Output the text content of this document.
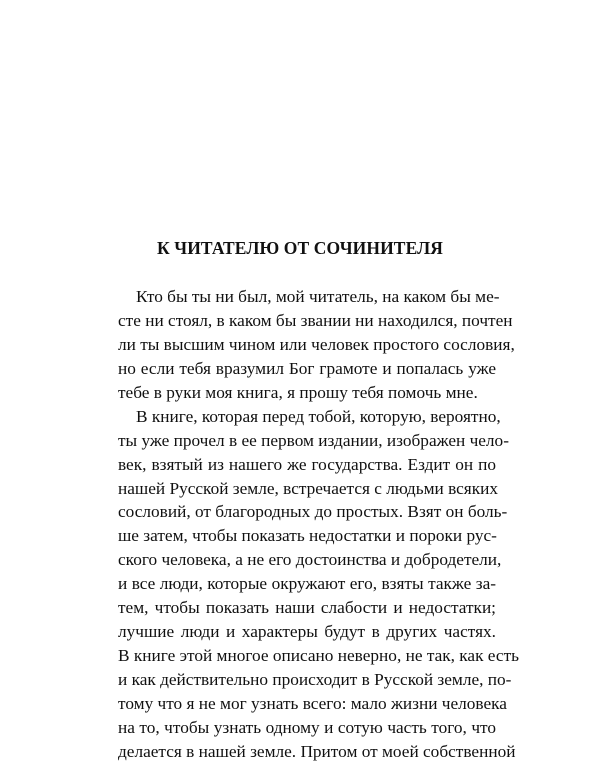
К ЧИТАТЕЛЮ ОТ СОЧИНИТЕЛЯ
Кто бы ты ни был, мой читатель, на каком бы ме-
сте ни стоял, в каком бы звании ни находился, почтен
ли ты высшим чином или человек простого сословия,
но если тебя вразумил Бог грамоте и попалась уже
тебе в руки моя книга, я прошу тебя помочь мне.
В книге, которая перед тобой, которую, вероятно,
ты уже прочел в ее первом издании, изображен чело-
век, взятый из нашего же государства. Ездит он по
нашей Русской земле, встречается с людьми всяких
сословий, от благородных до простых. Взят он боль-
ше затем, чтобы показать недостатки и пороки рус-
ского человека, а не его достоинства и добродетели,
и все люди, которые окружают его, взяты также за-
тем, чтобы показать наши слабости и недостатки;
лучшие люди и характеры будут в других частях.
В книге этой многое описано неверно, не так, как есть
и как действительно происходит в Русской земле, по-
тому что я не мог узнать всего: мало жизни человека
на то, чтобы узнать одному и сотую часть того, что
делается в нашей земле. Притом от моей собственной
